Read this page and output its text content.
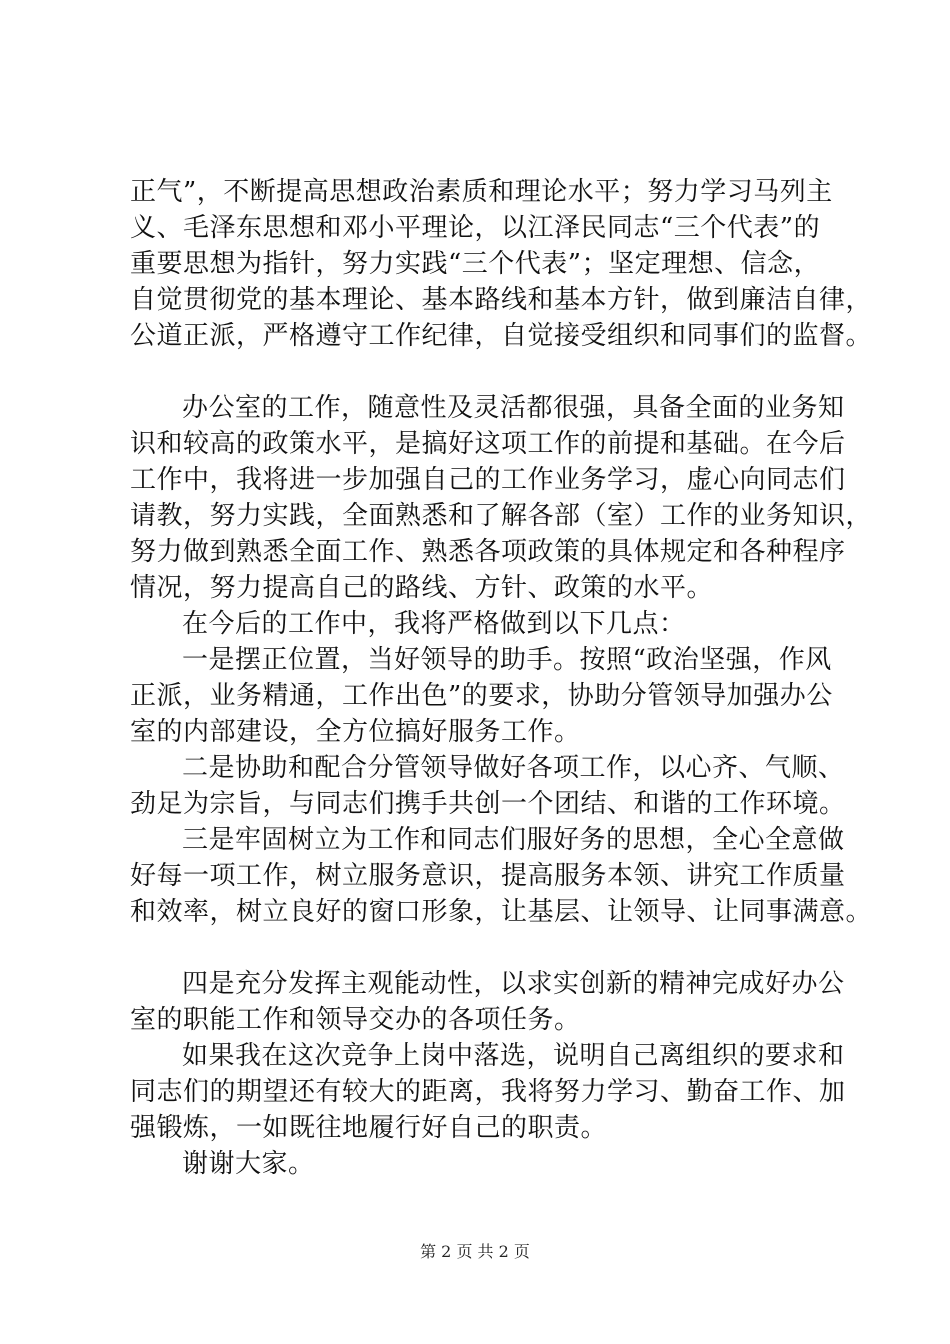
正气”，不断提高思想政治素质和理论水平；努力学习马列主
义、毛泽东思想和邓小平理论，以江泽民同志“三个代表”的
重要思想为指针，努力实践“三个代表”；坚定理想、信念，
自觉贯彻党的基本理论、基本路线和基本方针，做到廉洁自律，
公道正派，严格遵守工作纪律，自觉接受组织和同事们的监督。
办公室的工作，随意性及灵活都很强，具备全面的业务知
识和较高的政策水平，是搞好这项工作的前提和基础。在今后
工作中，我将进一步加强自己的工作业务学习，虚心向同志们
请教，努力实践，全面熟悉和了解各部（室）工作的业务知识，
努力做到熟悉全面工作、熟悉各项政策的具体规定和各种程序
情况，努力提高自己的路线、方针、政策的水平。
在今后的工作中，我将严格做到以下几点：
一是摆正位置，当好领导的助手。按照“政治坚强，作风
正派，业务精通，工作出色”的要求，协助分管领导加强办公
室的内部建设，全方位搞好服务工作。
二是协助和配合分管领导做好各项工作，以心齐、气顺、
劲足为宗旨，与同志们携手共创一个团结、和谐的工作环境。
三是牢固树立为工作和同志们服好务的思想，全心全意做
好每一项工作，树立服务意识，提高服务本领、讲究工作质量
和效率，树立良好的窗口形象，让基层、让领导、让同事满意。
四是充分发挥主观能动性，以求实创新的精神完成好办公
室的职能工作和领导交办的各项任务。
如果我在这次竞争上岗中落选，说明自己离组织的要求和
同志们的期望还有较大的距离，我将努力学习、勤奋工作、加
强锻炼，一如既往地履行好自己的职责。
谢谢大家。
第 2 页 共 2 页
